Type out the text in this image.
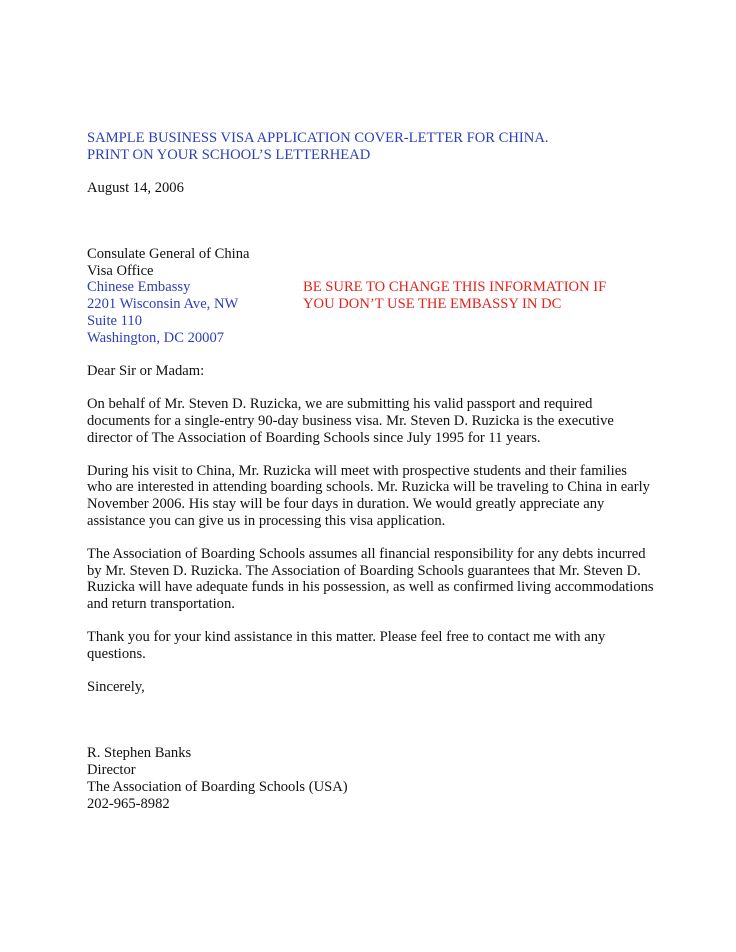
SAMPLE BUSINESS VISA APPLICATION COVER-LETTER FOR CHINA.
PRINT ON YOUR SCHOOL’S LETTERHEAD
August 14, 2006
Consulate General of China
Visa Office
Chinese Embassy
2201 Wisconsin Ave, NW
Suite 110
Washington, DC 20007
BE SURE TO CHANGE THIS INFORMATION IF
YOU DON’T USE THE EMBASSY IN DC
Dear Sir or Madam:
On behalf of Mr. Steven D. Ruzicka, we are submitting his valid passport and required
documents for a single-entry 90-day business visa. Mr. Steven D. Ruzicka is the executive
director of The Association of Boarding Schools since July 1995 for 11 years.
During his visit to China, Mr. Ruzicka will meet with prospective students and their families
who are interested in attending boarding schools. Mr. Ruzicka will be traveling to China in early
November 2006. His stay will be four days in duration. We would greatly appreciate any
assistance you can give us in processing this visa application.
The Association of Boarding Schools assumes all financial responsibility for any debts incurred
by Mr. Steven D. Ruzicka. The Association of Boarding Schools guarantees that Mr. Steven D.
Ruzicka will have adequate funds in his possession, as well as confirmed living accommodations
and return transportation.
Thank you for your kind assistance in this matter. Please feel free to contact me with any
questions.
Sincerely,
R. Stephen Banks
Director
The Association of Boarding Schools (USA)
202-965-8982
